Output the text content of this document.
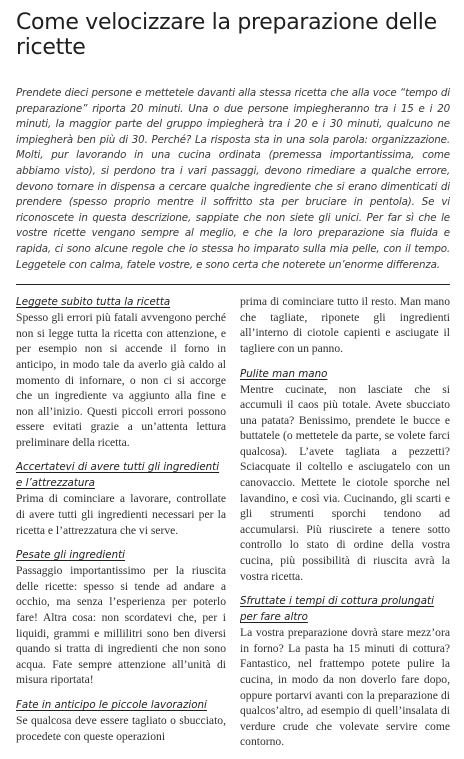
Come velocizzare la preparazione delle ricette

Prendete dieci persone e mettetele davanti alla stessa ricetta che alla voce “tempo di preparazione” riporta 20 minuti. Una o due persone impiegheranno tra i 15 e i 20 minuti, la maggior parte del gruppo impiegherà tra i 20 e i 30 minuti, qualcuno ne impiegherà ben più di 30. Perché? La risposta sta in una sola parola: organizzazione. Molti, pur lavorando in una cucina ordinata (premessa importantissima, come abbiamo visto), si perdono tra i vari passaggi, devono rimediare a qualche errore, devono tornare in dispensa a cercare qualche ingrediente che si erano dimenticati di prendere (spesso proprio mentre il soffritto sta per bruciare in pentola). Se vi riconoscete in questa descrizione, sappiate che non siete gli unici. Per far sì che le vostre ricette vengano sempre al meglio, e che la loro preparazione sia fluida e rapida, ci sono alcune regole che io stessa ho imparato sulla mia pelle, con il tempo. Leggetele con calma, fatele vostre, e sono certa che noterete un’enorme differenza.

Leggete subito tutta la ricetta

Spesso gli errori più fatali avvengono perché non si legge tutta la ricetta con attenzione, e per esempio non si accende il forno in anticipo, in modo tale da averlo già caldo al momento di infornare, o non ci si accorge che un ingrediente va aggiunto alla fine e non all’inizio. Questi piccoli errori possono essere evitati grazie a un’attenta lettura preliminare della ricetta.

Accertatevi di avere tutti gli ingredienti e l’attrezzatura

Prima di cominciare a lavorare, controllate di avere tutti gli ingredienti necessari per la ricetta e l’attrezzatura che vi serve.

Pesate gli ingredienti

Passaggio importantissimo per la riuscita delle ricette: spesso si tende ad andare a occhio, ma senza l’esperienza per poterlo fare! Altra cosa: non scordatevi che, per i liquidi, grammi e millilitri sono ben diversi quando si tratta di ingredienti che non sono acqua. Fate sempre attenzione all’unità di misura riportata!

Fate in anticipo le piccole lavorazioni

Se qualcosa deve essere tagliato o sbucciato, procedete con queste operazioni

prima di cominciare tutto il resto. Man mano che tagliate, riponete gli ingredienti all’interno di ciotole capienti e asciugate il tagliere con un panno.

Pulite man mano

Mentre cucinate, non lasciate che si accumuli il caos più totale. Avete sbucciato una patata? Benissimo, prendete le bucce e buttatele (o mettetele da parte, se volete farci qualcosa). L’avete tagliata a pezzetti? Sciacquate il coltello e asciugatelo con un canovaccio. Mettete le ciotole sporche nel lavandino, e così via. Cucinando, gli scarti e gli strumenti sporchi tendono ad accumularsi. Più riuscirete a tenere sotto controllo lo stato di ordine della vostra cucina, più possibilità di riuscita avrà la vostra ricetta.

Sfruttate i tempi di cottura prolungati per fare altro

La vostra preparazione dovrà stare mezz’ora in forno? La pasta ha 15 minuti di cottura? Fantastico, nel frattempo potete pulire la cucina, in modo da non doverlo fare dopo, oppure portarvi avanti con la preparazione di qualcos’altro, ad esempio di quell’insalata di verdure crude che volevate servire come contorno.
